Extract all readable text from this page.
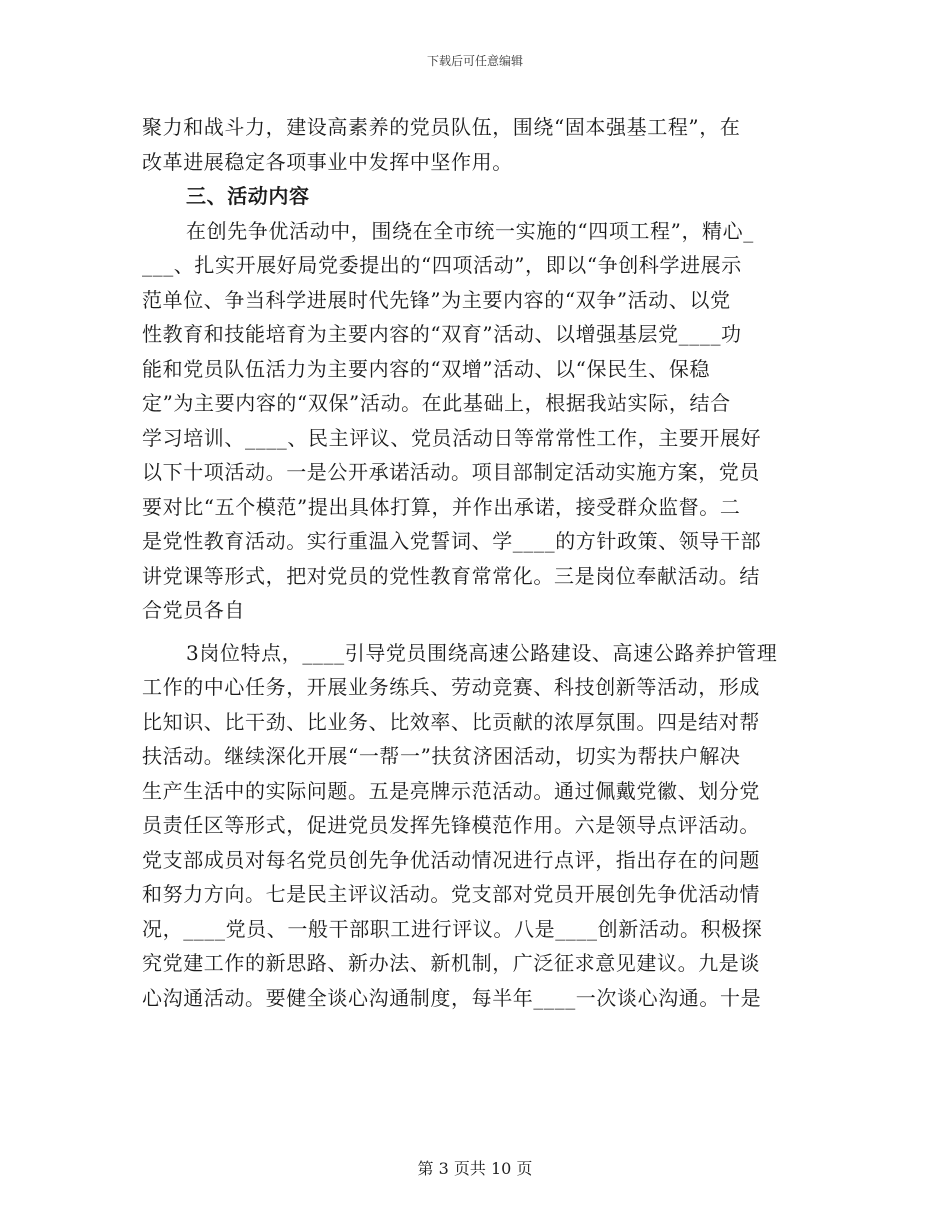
下载后可任意编辑
聚力和战斗力，建设高素养的党员队伍，围绕“固本强基工程”，在
改革进展稳定各项事业中发挥中坚作用。
三、活动内容
在创先争优活动中，围绕在全市统一实施的“四项工程”，精心_
___、扎实开展好局党委提出的“四项活动”，即以“争创科学进展示
范单位、争当科学进展时代先锋”为主要内容的“双争”活动、以党
性教育和技能培育为主要内容的“双育”活动、以增强基层党____功
能和党员队伍活力为主要内容的“双增”活动、以“保民生、保稳
定”为主要内容的“双保”活动。在此基础上，根据我站实际，结合
学习培训、____、民主评议、党员活动日等常常性工作，主要开展好
以下十项活动。一是公开承诺活动。项目部制定活动实施方案，党员
要对比“五个模范”提出具体打算，并作出承诺，接受群众监督。二
是党性教育活动。实行重温入党誓词、学____的方针政策、领导干部
讲党课等形式，把对党员的党性教育常常化。三是岗位奉献活动。结
合党员各自
3岗位特点，____引导党员围绕高速公路建设、高速公路养护管理
工作的中心任务，开展业务练兵、劳动竞赛、科技创新等活动，形成
比知识、比干劲、比业务、比效率、比贡献的浓厚氛围。四是结对帮
扶活动。继续深化开展“一帮一”扶贫济困活动，切实为帮扶户解决
生产生活中的实际问题。五是亮牌示范活动。通过佩戴党徽、划分党
员责任区等形式，促进党员发挥先锋模范作用。六是领导点评活动。
党支部成员对每名党员创先争优活动情况进行点评，指出存在的问题
和努力方向。七是民主评议活动。党支部对党员开展创先争优活动情
况，____党员、一般干部职工进行评议。八是____创新活动。积极探
究党建工作的新思路、新办法、新机制，广泛征求意见建议。九是谈
心沟通活动。要健全谈心沟通制度，每半年____一次谈心沟通。十是
第 3 页共 10 页
